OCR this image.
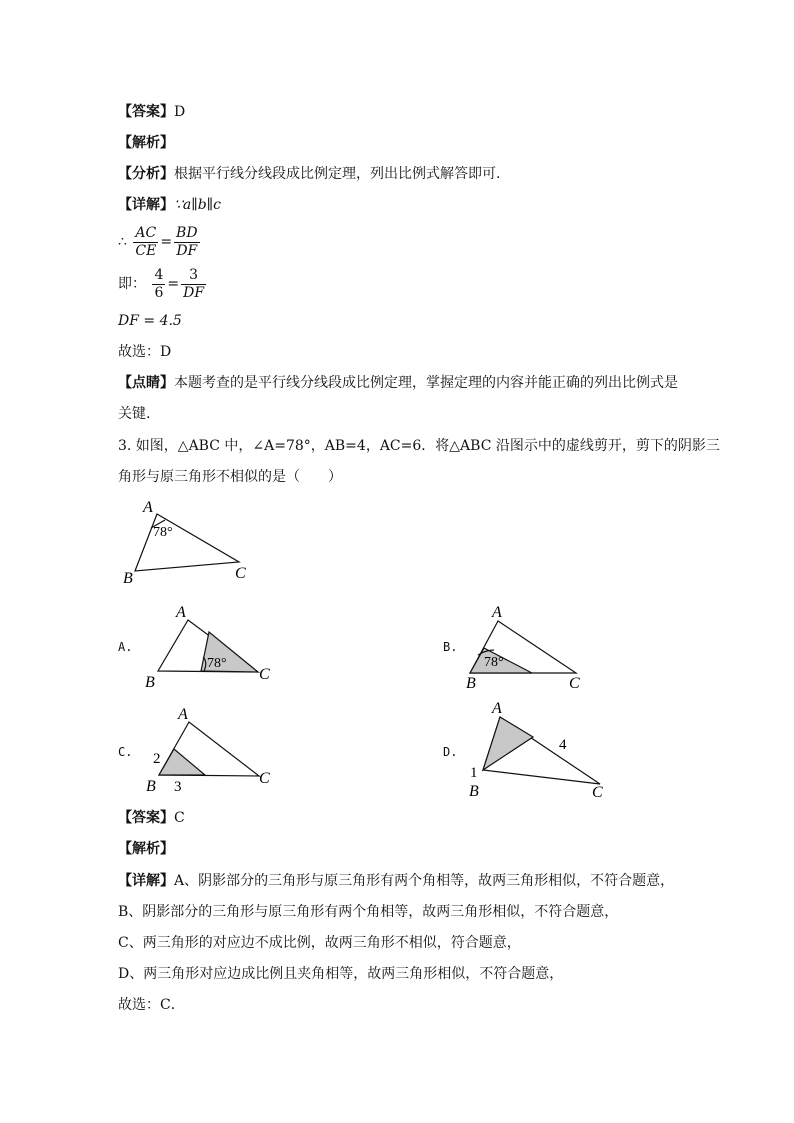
【答案】D
【解析】
【分析】根据平行线分线段成比例定理，列出比例式解答即可.
【详解】∵a∥b∥c
∴ $\frac{AC}{CE} = \frac{BD}{DF}$
即： $\frac{4}{6} = \frac{3}{DF}$
DF = 4.5
故选：D
【点睛】本题考查的是平行线分线段成比例定理，掌握定理的内容并能正确的列出比例式是
关键.
3. 如图，△ABC 中，∠A=78°，AB=4，AC=6．将△ABC 沿图示中的虚线剪开，剪下的阴影三
角形与原三角形不相似的是（　　）
A
B	C
78°
A
B	C
78°
A
B	C
78°
A
B	C
2
3
A
B	C
1
4
A.	B.
C.	D.
【答案】C
【解析】
【详解】A、阴影部分的三角形与原三角形有两个角相等，故两三角形相似，不符合题意，
B、阴影部分的三角形与原三角形有两个角相等，故两三角形相似，不符合题意，
C、两三角形的对应边不成比例，故两三角形不相似，符合题意，
D、两三角形对应边成比例且夹角相等，故两三角形相似，不符合题意，
故选：C．
